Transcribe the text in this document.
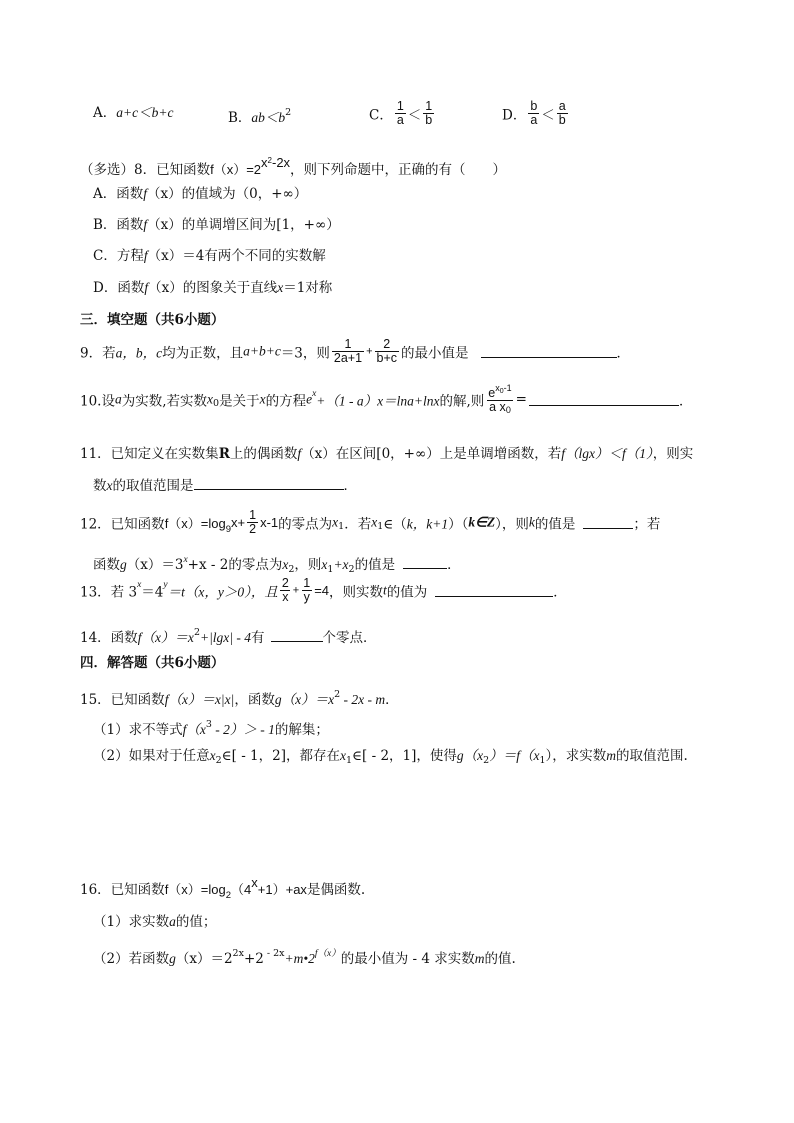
A．a+c＜b+c	B．$ab<b^2$	C． $\frac{1}{a} < \frac{1}{b}$	D． $\frac{b}{a} < \frac{a}{b}$
（多选）8．已知函数$f(x)=2x^2-2x$，则下列命题中，正确的有（　　）
A．函数f（x）的值域为（0，+∞）
B．函数f（x）的单调增区间为[1，+∞）
C．方程f（x）＝4有两个不同的实数解
D．函数f（x）的图象关于直线x＝1对称
三．填空题（共6小题）
9．若a，b，c均为正数，且a+b+c＝3，则 $\frac{1}{2a+1} + \frac{2}{b+c}$ 的最小值是	．
10.设a为实数,若实数$x_0$是关于x的方程$e^x+(1 - a)x=\ln a+\ln x$的解,则 $\frac{e^{x_0-1}}{\text{a x0}}$ =	．
11．已知定义在实数集R上的偶函数f（x）在区间[0，+∞）上是单调增函数，若f（lgx）＜f（1），则实
数x的取值范围是	．
12．已知函数$f(x)=\log_9x+ \frac{1}{2} x-1$的零点为$x_1$．若$x_1\in(k$，k+1）（k∈Z），则k的值是	；若
函数$g(x)=3^x+x - 2$的零点为$x_2$，则$x_1+x_2$的值是	．
13．若 $3^x=4^y=t(x$，y＞0），且 $\frac{2}{x} + \frac{1}{y} =4$，则实数t的值为	．
14．函数$f(x)=x^2+|\lg x| - 4$有	个零点．
四．解答题（共6小题）
15．已知函数f（x）＝x|x|，函数$g(x)=x^2 - 2x - m$．
（1）求不等式$f(x^3 - 2)> - 1$的解集；
（2）如果对于任意$x_2\in[ - 1$，2]，都存在$x_1\in[ - 2$，1]，使得$g(x_2)=f(x_1)$，求实数m的取值范围.
16．已知函数$f(x)=\log_2(4x+1)+ax$是偶函数.
（1）求实数a的值；
（2）若函数$g(x)=2^{2x}+2$ $^{- 2x}+m•2^{f(x)}$的最小值为 - 4 求实数m的值.
